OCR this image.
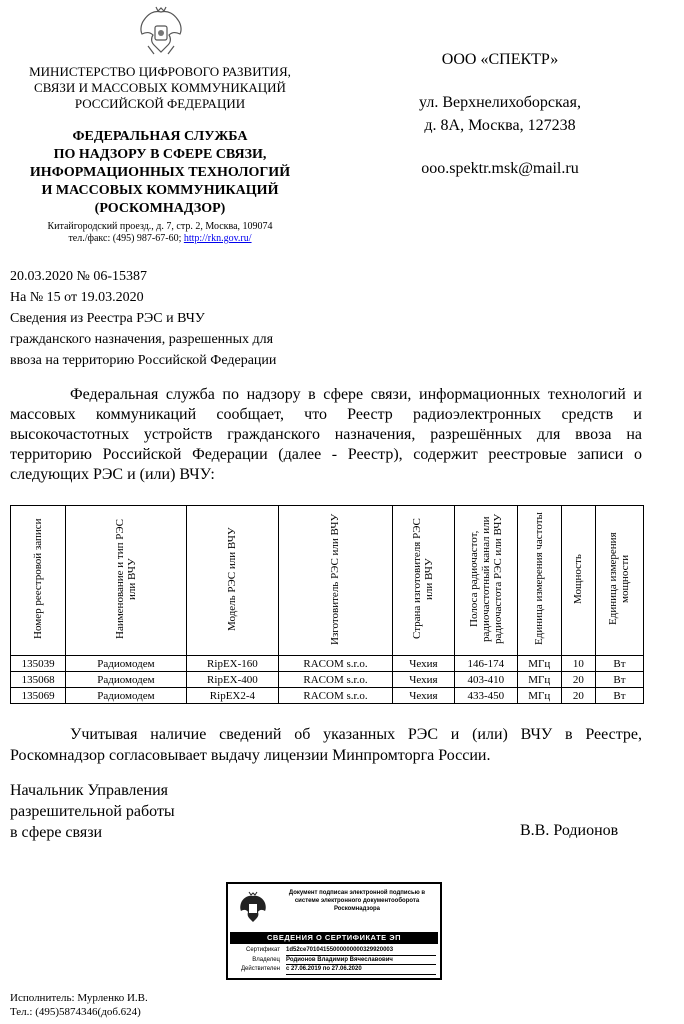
МИНИСТЕРСТВО ЦИФРОВОГО РАЗВИТИЯ,
СВЯЗИ И МАССОВЫХ КОММУНИКАЦИЙ
РОССИЙСКОЙ ФЕДЕРАЦИИ
ФЕДЕРАЛЬНАЯ СЛУЖБА
ПО НАДЗОРУ В СФЕРЕ СВЯЗИ,
ИНФОРМАЦИОННЫХ ТЕХНОЛОГИЙ
И МАССОВЫХ КОММУНИКАЦИЙ
(РОСКОМНАДЗОР)
Китайгородский проезд., д. 7, стр. 2, Москва, 109074
тел./факс: (495) 987-67-60; http://rkn.gov.ru/
ООО «СПЕКТР»
ул. Верхнелихоборская,
д. 8А, Москва, 127238
ooo.spektr.msk@mail.ru
20.03.2020 № 06-15387
На № 15 от 19.03.2020
Сведения из Реестра РЭС и ВЧУ
гражданского назначения, разрешенных для
ввоза на территорию Российской Федерации

Федеральная служба по надзору в сфере связи, информационных технологий и массовых коммуникаций сообщает, что Реестр радиоэлектронных средств и высокочастотных устройств гражданского назначения, разрешённых для ввоза на территорию Российской Федерации (далее - Реестр), содержит реестровые записи о следующих РЭС и (или) ВЧУ:

Номер реестровой записи	Наименование и тип РЭС или ВЧУ	Модель РЭС или ВЧУ	Изготовитель РЭС или ВЧУ	Страна изготовителя РЭС или ВЧУ	Полоса радиочастот, радиочастотный канал или радиочастота РЭС или ВЧУ	Единица измерения частоты	Мощность	Единица измерения мощности
135039	Радиомодем	RipEX-160	RACOM s.r.o.	Чехия	146-174	МГц	10	Вт
135068	Радиомодем	RipEX-400	RACOM s.r.o.	Чехия	403-410	МГц	20	Вт
135069	Радиомодем	RipEX2-4	RACOM s.r.o.	Чехия	433-450	МГц	20	Вт

Учитывая наличие сведений об указанных РЭС и (или) ВЧУ в Реестре, Роскомнадзор согласовывает выдачу лицензии Минпромторга России.

Начальник Управления
разрешительной работы
в сфере связи	В.В. Родионов
Документ подписан электронной подписью в системе электронного документооборота Роскомнадзора
СВЕДЕНИЯ О СЕРТИФИКАТЕ ЭП
Сертификат	1d52ce70104155000000000329920003
Владелец	Родионов Владимир Вячеславович
Действителен	с 27.06.2019 по 27.06.2020
Исполнитель: Мурленко И.В.
Тел.: (495)5874346(доб.624)
